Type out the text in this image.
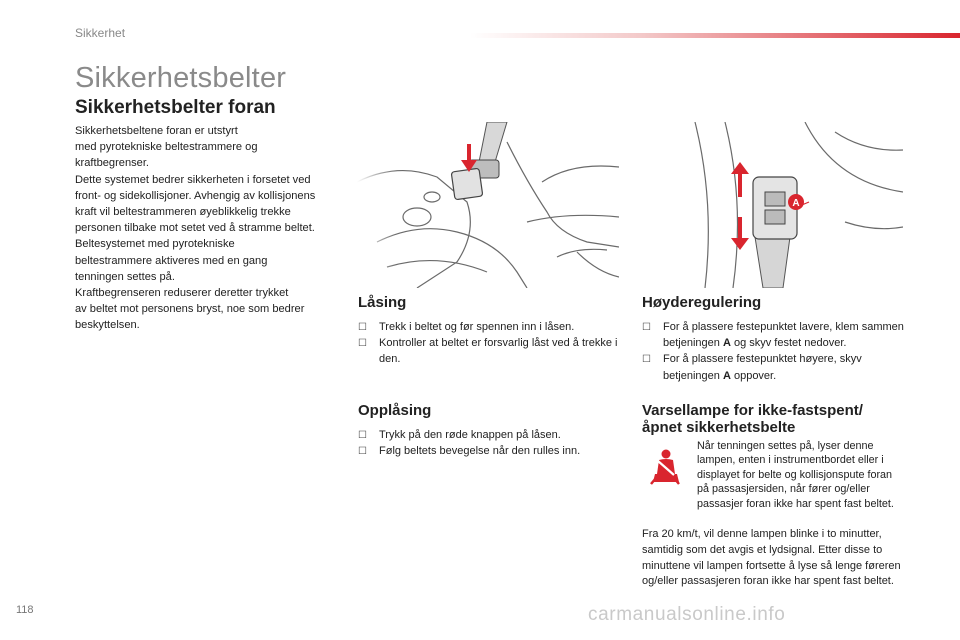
Sikkerhet
Sikkerhetsbelter
Sikkerhetsbelter foran

Sikkerhetsbeltene foran er utstyrt

med pyrotekniske beltestrammere og

kraftbegrenser.

Dette systemet bedrer sikkerheten i forsetet ved

front- og sidekollisjoner. Avhengig av kollisjonens

kraft vil beltestrammeren øyeblikkelig trekke

personen tilbake mot setet ved å stramme beltet.

Beltesystemet med pyrotekniske

beltestrammere aktiveres med en gang

tenningen settes på.

Kraftbegrenseren reduserer deretter trykket

av beltet mot personens bryst, noe som bedrer

beskyttelsen.

A
Låsing
☐ Trekk i beltet og før spennen inn i låsen.
☐ Kontroller at beltet er forsvarlig låst ved å trekke i den.
Opplåsing
☐ Trykk på den røde knappen på låsen.
☐ Følg beltets bevegelse når den rulles inn.
Høyderegulering
☐ For å plassere festepunktet lavere, klem sammen betjeningen A og skyv festet nedover.
☐ For å plassere festepunktet høyere, skyv betjeningen A oppover.
Varsellampe for ikke-fastspent/
åpnet sikkerhetsbelte
Når tenningen settes på, lyser denne lampen, enten i instrumentbordet eller i displayet for belte og kollisjonspute foran på passasjersiden, når fører og/eller passasjer foran ikke har spent fast beltet.
Fra 20 km/t, vil denne lampen blinke i to minutter, samtidig som det avgis et lydsignal. Etter disse to minuttene vil lampen fortsette å lyse så lenge føreren og/eller passasjeren foran ikke har spent fast beltet.
118	carmanualsonline.info
